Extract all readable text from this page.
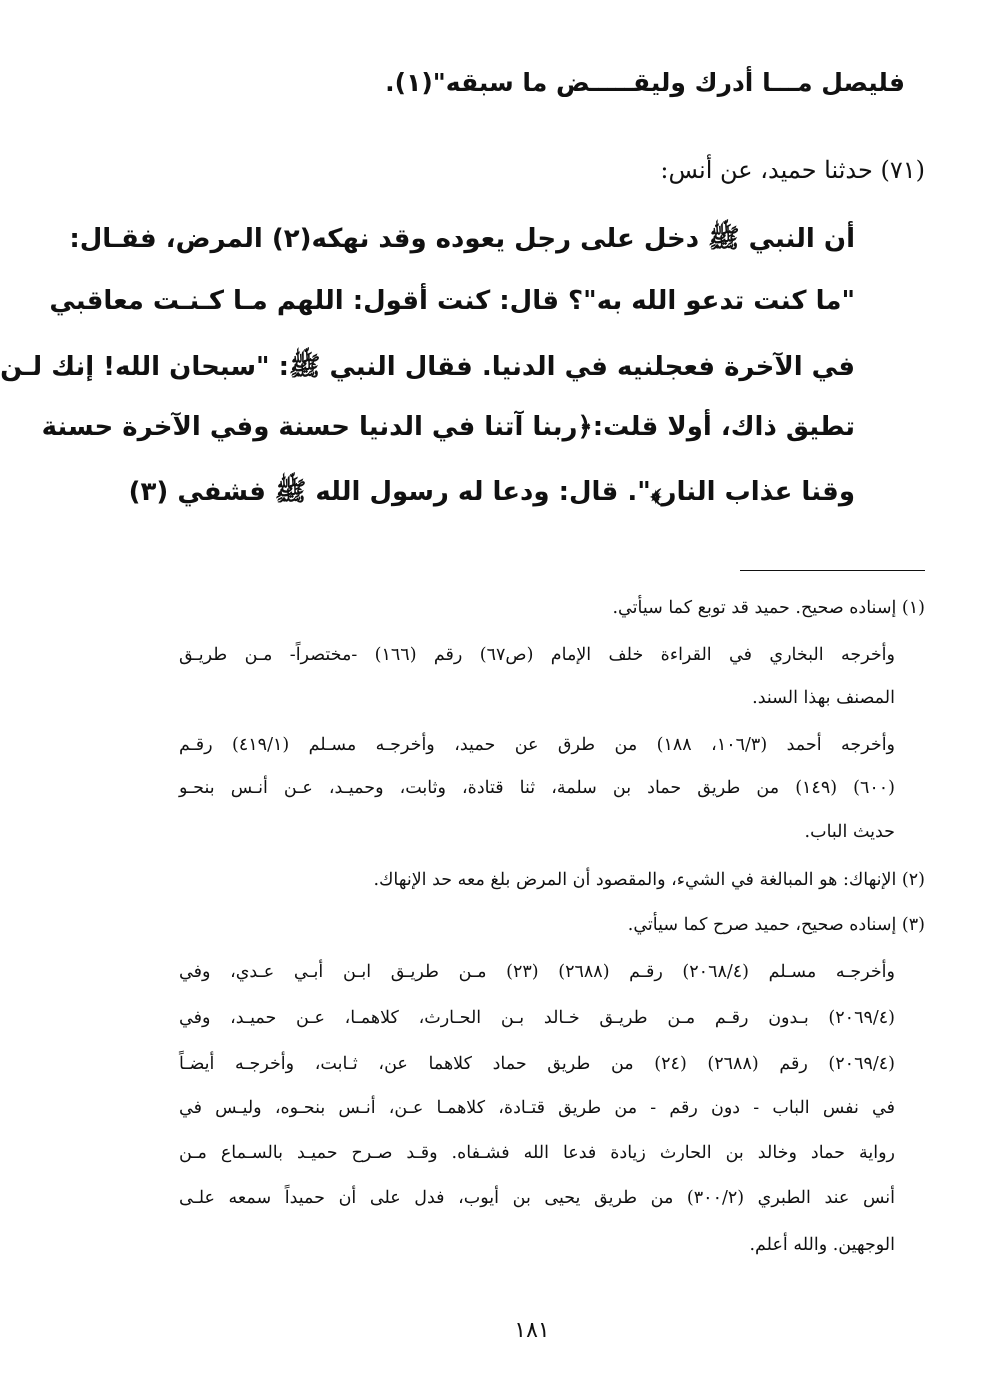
فليصل مـــا أدرك وليقـــــض ما سبقه"(١).
(٧١) حدثنا حميد، عن أنس:
أن النبي ﷺ دخل على رجل يعوده وقد نهكه(٢) المرض، فقـال:
"ما كنت تدعو الله به"؟ قال: كنت أقول: اللهم مـا كـنـت معاقبي
في الآخرة فعجلنيه في الدنيا. فقال النبي ﷺ: "سبحان الله! إنك لـن
تطيق ذاك، أولا قلت:﴿ربنا آتنا في الدنيا حسنة وفي الآخرة حسنة
وقنا عذاب النار﴾". قال: ودعا له رسول الله ﷺ فشفي (٣)
(١) إسناده صحيح. حميد قد توبع كما سيأتي.
وأخرجه البخاري في القراءة خلف الإمام (ص٦٧) رقم (١٦٦) -مختصراً- مـن طريـق
المصنف بهذا السند.
وأخرجه أحمد (١٠٦/٣، ١٨٨) من طرق عن حميد، وأخرجـه مسـلم (٤١٩/١) رقـم
(٦٠٠) (١٤٩) من طريق حماد بن سلمة، ثنا قتادة، وثابت، وحميـد، عـن أنـس بنحـو
حديث الباب.
(٢) الإنهاك: هو المبالغة في الشيء، والمقصود أن المرض بلغ معه حد الإنهاك.
(٣) إسناده صحيح، حميد صرح كما سيأتي.
وأخرجـه مسـلم (٢٠٦٨/٤) رقـم (٢٦٨٨) (٢٣) مـن طريـق ابـن أبـي عـدي، وفي
(٢٠٦٩/٤) بـدون رقـم مـن طريـق خـالد بـن الحـارث، كلاهمـا، عـن حميـد، وفي
(٢٠٦٩/٤) رقم (٢٦٨٨) (٢٤) من طريق حماد كلاهما عن، ثـابت، وأخرجـه أيضـاً
في نفس الباب - دون رقم - من طريق قتـادة، كلاهمـا عـن، أنـس بنحـوه، وليـس في
رواية حماد وخالد بن الحارث زيادة فدعا الله فشـفاه. وقـد صـرح حميـد بالسـماع مـن
أنس عند الطبري (٣٠٠/٢) من طريق يحيى بن أيوب، فدل على أن حميداً سمعه علـى
الوجهين. والله أعلم.
١٨١
